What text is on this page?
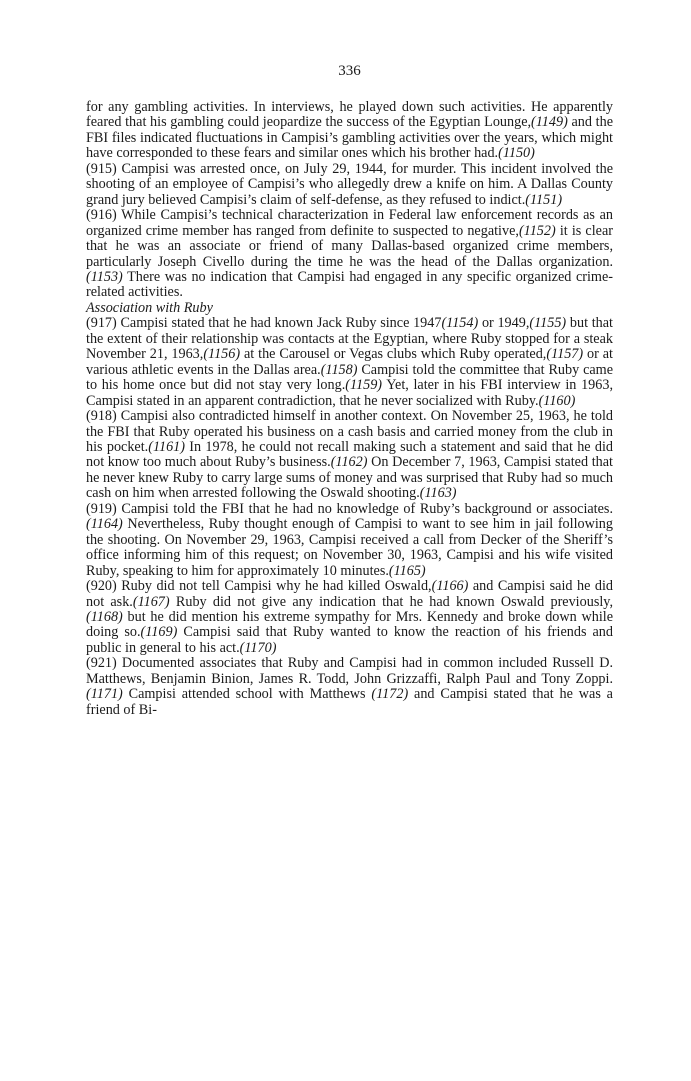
336

for any gambling activities. In interviews, he played down such activities. He apparently feared that his gambling could jeopardize the success of the Egyptian Lounge,(1149) and the FBI files indicated fluctuations in Campisi’s gambling activities over the years, which might have corresponded to these fears and similar ones which his brother had.(1150)

(915) Campisi was arrested once, on July 29, 1944, for murder. This incident involved the shooting of an employee of Campisi’s who allegedly drew a knife on him. A Dallas County grand jury believed Campisi’s claim of self-defense, as they refused to indict.(1151)

(916) While Campisi’s technical characterization in Federal law enforcement records as an organized crime member has ranged from definite to suspected to negative,(1152) it is clear that he was an associate or friend of many Dallas-based organized crime members, particularly Joseph Civello during the time he was the head of the Dallas organization.(1153) There was no indication that Campisi had engaged in any specific organized crime-related activities.

Association with Ruby

(917) Campisi stated that he had known Jack Ruby since 1947(1154) or 1949,(1155) but that the extent of their relationship was contacts at the Egyptian, where Ruby stopped for a steak November 21, 1963,(1156) at the Carousel or Vegas clubs which Ruby operated,(1157) or at various athletic events in the Dallas area.(1158) Campisi told the committee that Ruby came to his home once but did not stay very long.(1159) Yet, later in his FBI interview in 1963, Campisi stated in an apparent contradiction, that he never socialized with Ruby.(1160)

(918) Campisi also contradicted himself in another context. On November 25, 1963, he told the FBI that Ruby operated his business on a cash basis and carried money from the club in his pocket.(1161) In 1978, he could not recall making such a statement and said that he did not know too much about Ruby’s business.(1162) On December 7, 1963, Campisi stated that he never knew Ruby to carry large sums of money and was surprised that Ruby had so much cash on him when arrested following the Oswald shooting.(1163)

(919) Campisi told the FBI that he had no knowledge of Ruby’s background or associates.(1164) Nevertheless, Ruby thought enough of Campisi to want to see him in jail following the shooting. On November 29, 1963, Campisi received a call from Decker of the Sheriff’s office informing him of this request; on November 30, 1963, Campisi and his wife visited Ruby, speaking to him for approximately 10 minutes.(1165)

(920) Ruby did not tell Campisi why he had killed Oswald,(1166) and Campisi said he did not ask.(1167) Ruby did not give any indication that he had known Oswald previously,(1168) but he did mention his extreme sympathy for Mrs. Kennedy and broke down while doing so.(1169) Campisi said that Ruby wanted to know the reaction of his friends and public in general to his act.(1170)

(921) Documented associates that Ruby and Campisi had in common included Russell D. Matthews, Benjamin Binion, James R. Todd, John Grizzaffi, Ralph Paul and Tony Zoppi.(1171) Campisi attended school with Matthews (1172) and Campisi stated that he was a friend of Bi-
